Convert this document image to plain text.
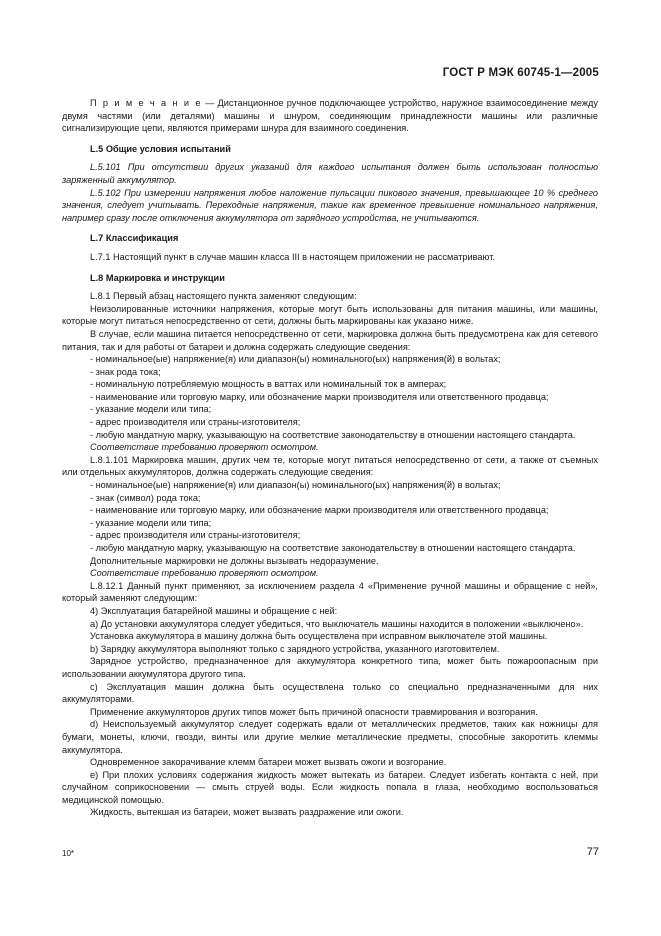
ГОСТ Р МЭК 60745-1—2005

П р и м е ч а н и е — Дистанционное ручное подключающее устройство, наружное взаимосоединение между двумя частями (или деталями) машины и шнуром, соединяющим принадлежности машины или различные сигнализирующие цепи, являются примерами шнура для взаимного соединения.

L.5 Общие условия испытаний

L.5.101 При отсутствии других указаний для каждого испытания должен быть использован полностью заряженный аккумулятор.

L.5.102 При измерении напряжения любое наложение пульсации пикового значения, превышающее 10 % среднего значения, следует учитывать. Переходные напряжения, такие как временное превышение номинального напряжения, например сразу после отключения аккумулятора от зарядного устройства, не учитываются.

L.7 Классификация

L.7.1 Настоящий пункт в случае машин класса III в настоящем приложении не рассматривают.

L.8 Маркировка и инструкции

L.8.1 Первый абзац настоящего пункта заменяют следующим:

Неизолированные источники напряжения, которые могут быть использованы для питания машины, или машины, которые могут питаться непосредственно от сети, должны быть маркированы как указано ниже.

В случае, если машина питается непосредственно от сети, маркировка должна быть предусмотрена как для сетевого питания, так и для работы от батареи и должна содержать следующие сведения:

- номинальное(ые) напряжение(я) или диапазон(ы) номинального(ых) напряжения(й) в вольтах;

- знак рода тока;

- номинальную потребляемую мощность в ваттах или номинальный ток в амперах;

- наименование или торговую марку, или обозначение марки производителя или ответственного продавца;

- указание модели или типа;

- адрес производителя или страны-изготовителя;

- любую мандатную марку, указывающую на соответствие законодательству в отношении настоящего стандарта.

Соответствие требованию проверяют осмотром.

L.8.1.101 Маркировка машин, других чем те, которые могут питаться непосредственно от сети, а также от съемных или отдельных аккумуляторов, должна содержать следующие сведения:

- номинальное(ые) напряжение(я) или диапазон(ы) номинального(ых) напряжения(й) в вольтах;

- знак (символ) рода тока;

- наименование или торговую марку, или обозначение марки производителя или ответственного продавца;

- указание модели или типа;

- адрес производителя или страны-изготовителя;

- любую мандатную марку, указывающую на соответствие законодательству в отношении настоящего стандарта.

Дополнительные маркировки не должны вызывать недоразумение.

Соответствие требованию проверяют осмотром.

L.8.12.1 Данный пункт применяют, за исключением раздела 4 «Применение ручной машины и обращение с ней», который заменяют следующим:

4) Эксплуатация батарейной машины и обращение с ней:

а) До установки аккумулятора следует убедиться, что выключатель машины находится в положении «выключено».

Установка аккумулятора в машину должна быть осуществлена при исправном выключателе этой машины.

b) Зарядку аккумулятора выполняют только с зарядного устройства, указанного изготовителем.

Зарядное устройство, предназначенное для аккумулятора конкретного типа, может быть пожароопасным при использовании аккумулятора другого типа.

c) Эксплуатация машин должна быть осуществлена только со специально предназначенными для них аккумуляторами.

Применение аккумуляторов других типов может быть причиной опасности травмирования и возгорания.

d) Неиспользуемый аккумулятор следует содержать вдали от металлических предметов, таких как ножницы для бумаги, монеты, ключи, гвозди, винты или другие мелкие металлические предметы, способные закоротить клеммы аккумулятора.

Одновременное закорачивание клемм батареи может вызвать ожоги и возгорание.

е) При плохих условиях содержания жидкость может вытекать из батареи. Следует избегать контакта с ней, при случайном соприкосновении — смыть струей воды. Если жидкость попала в глаза, необходимо воспользоваться медицинской помощью.

Жидкость, вытекшая из батареи, может вызвать раздражение или ожоги.

10*	77
